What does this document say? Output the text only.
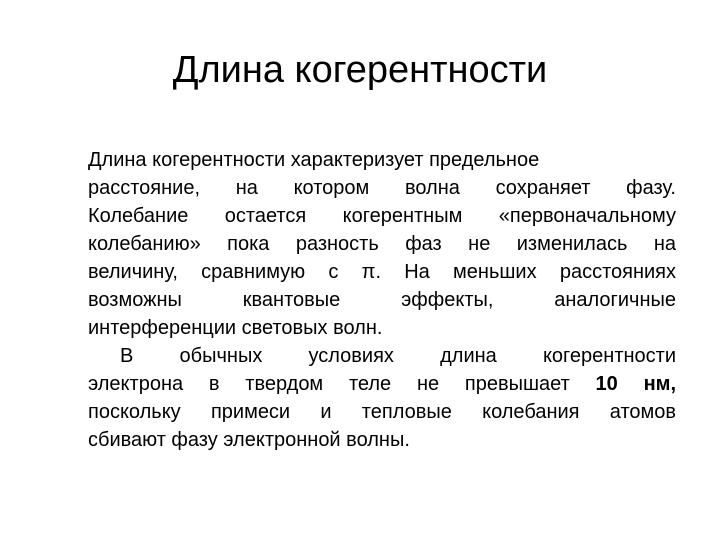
Длина когерентности
Длина когерентности характеризует предельное
расстояние, на котором волна сохраняет фазу.
Колебание остается когерентным «первоначальному
колебанию» пока разность фаз не изменилась на
величину, сравнимую с π. На меньших расстояниях
возможны квантовые эффекты, аналогичные
интерференции световых волн.
В обычных условиях длина когерентности
электрона в твердом теле не превышает 10 нм,
поскольку примеси и тепловые колебания атомов
сбивают фазу электронной волны.
